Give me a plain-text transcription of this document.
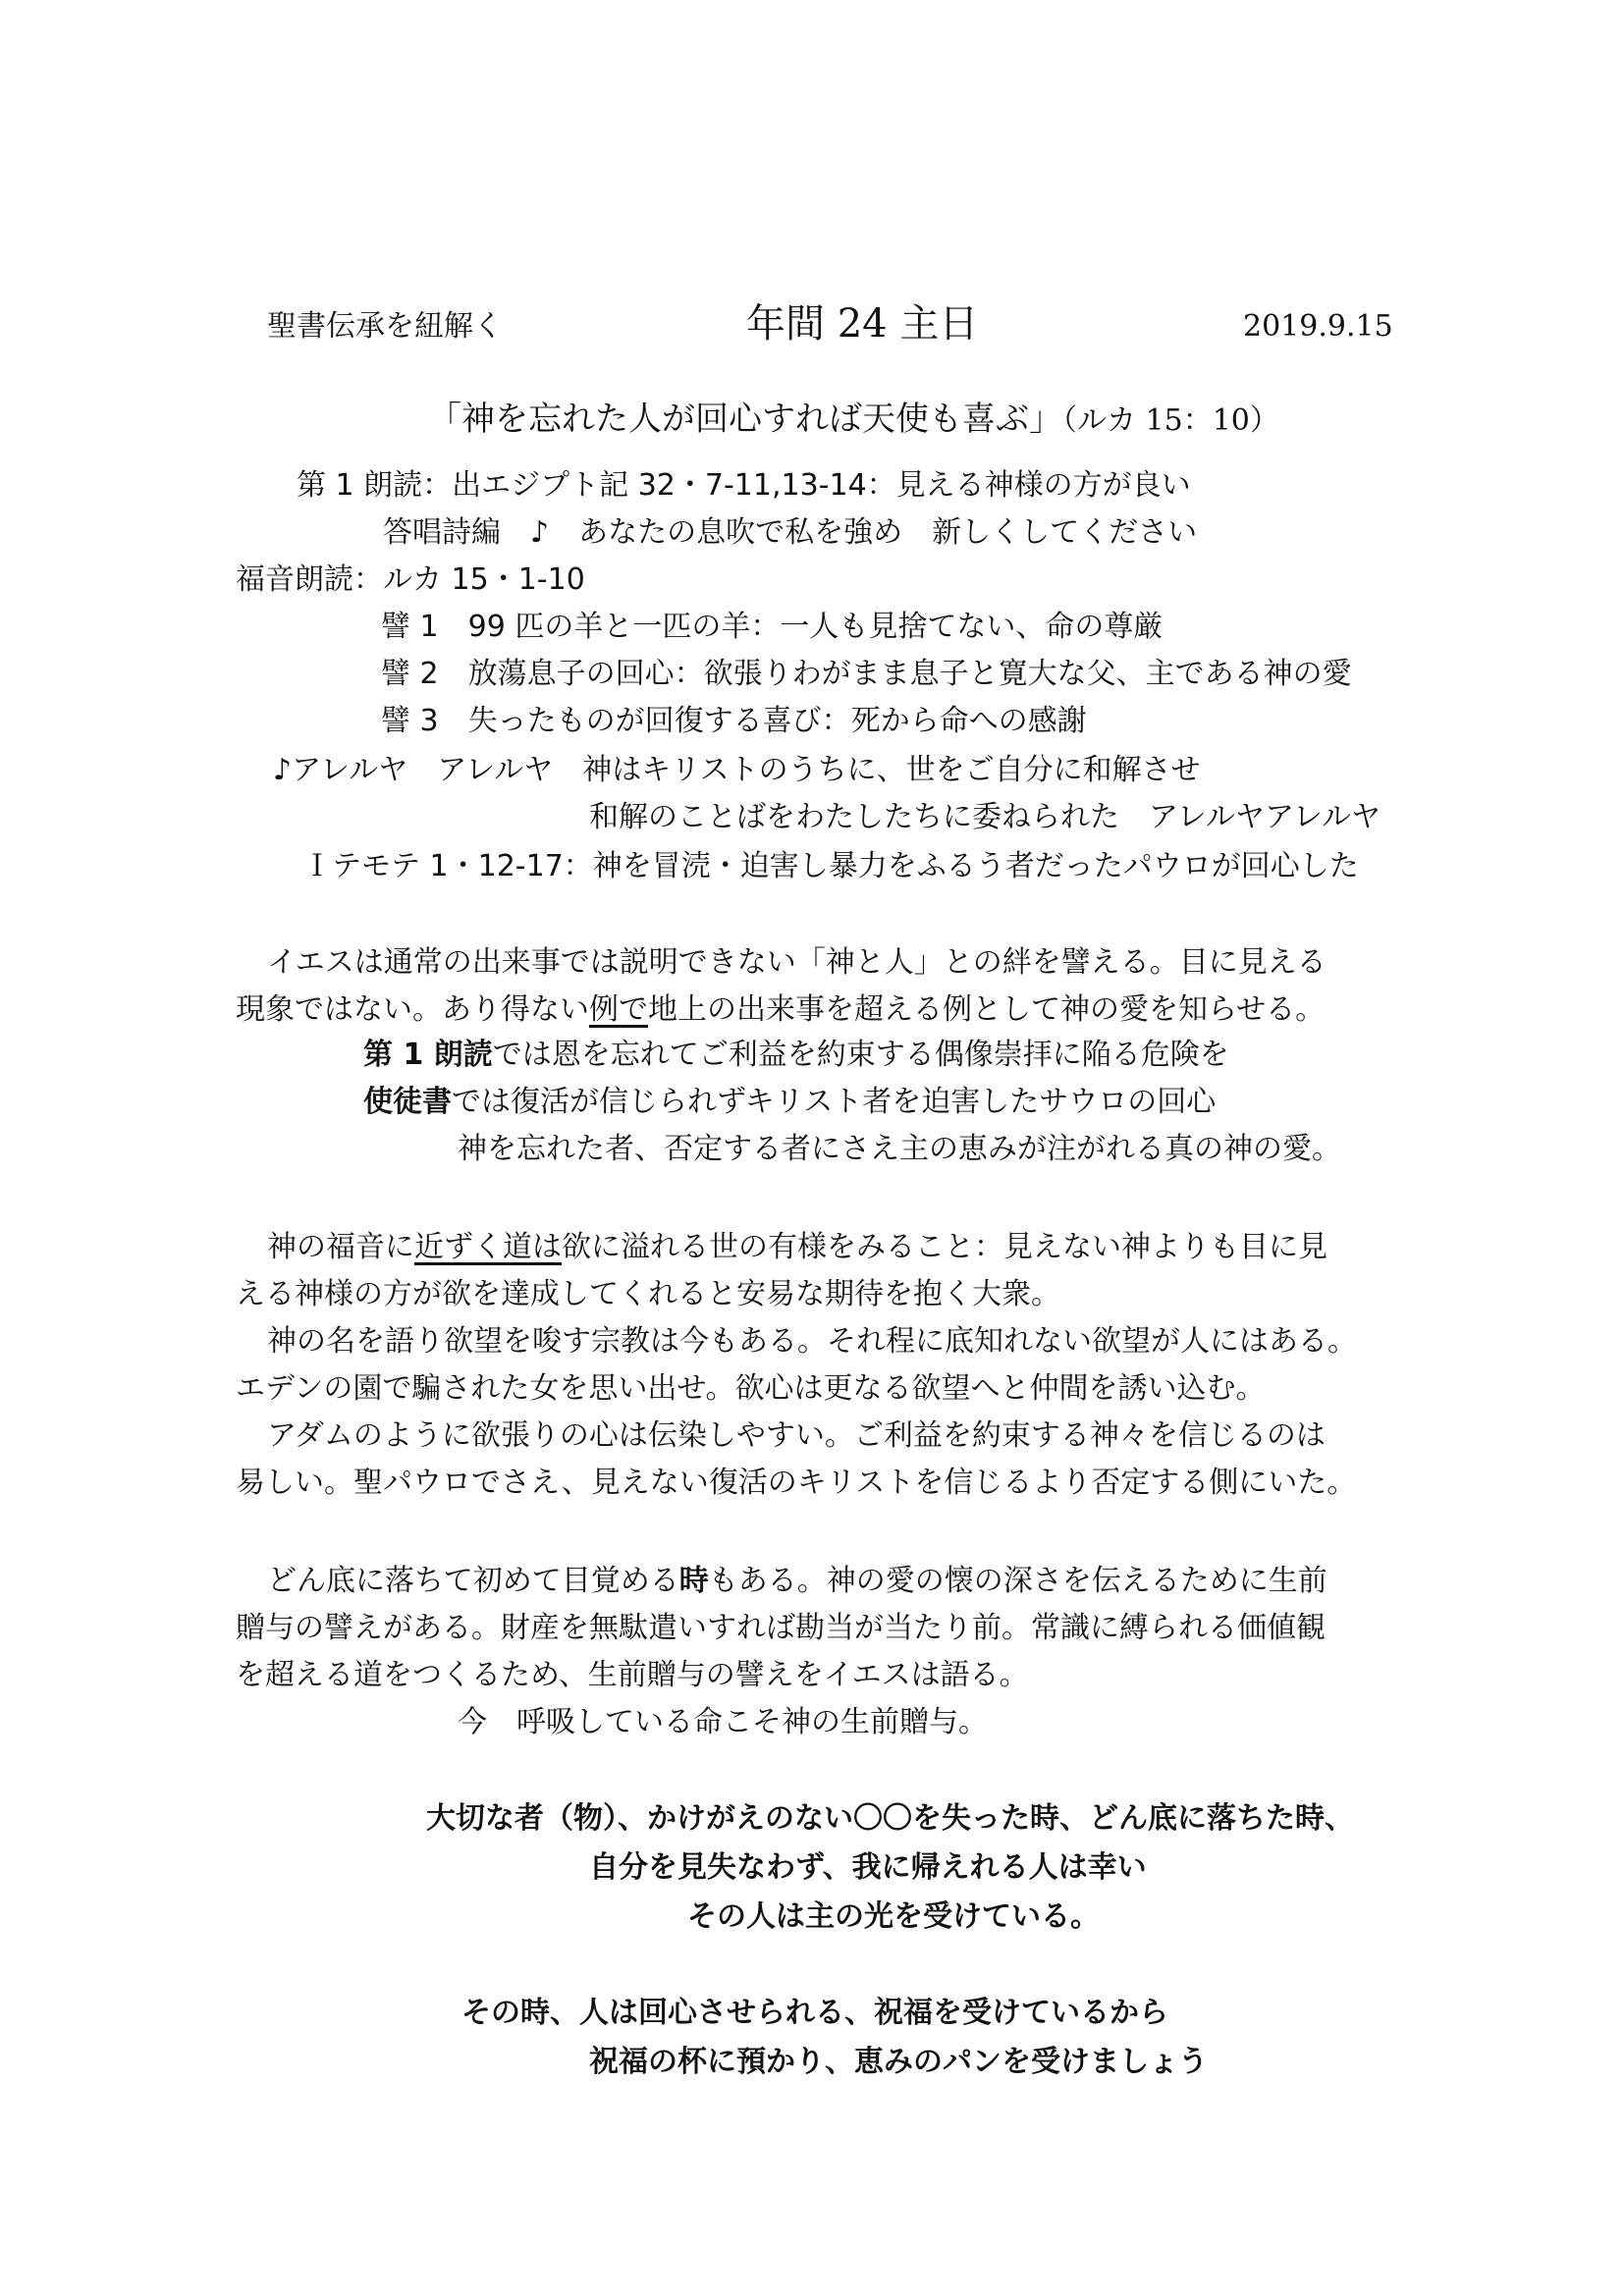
聖書伝承を紐解く	年間 24 主日	2019.9.15
「神を忘れた人が回心すれば天使も喜ぶ」（ルカ 15：10）
第 1 朗読：出エジプト記 32・7-11,13-14：見える神様の方が良い
答唱詩編　♪　あなたの息吹で私を強め　新しくしてください
福音朗読：ルカ 15・1-10
譬 1　99 匹の羊と一匹の羊：一人も見捨てない、命の尊厳
譬 2　放蕩息子の回心：欲張りわがまま息子と寛大な父、主である神の愛
譬 3　失ったものが回復する喜び：死から命への感謝
♪アレルヤ　アレルヤ　神はキリストのうちに、世をご自分に和解させ
和解のことばをわたしたちに委ねられた　アレルヤアレルヤ
Ｉテモテ 1・12-17：神を冒涜・迫害し暴力をふるう者だったパウロが回心した
イエスは通常の出来事では説明できない「神と人」との絆を譬える。目に見える
現象ではない。あり得ない例で地上の出来事を超える例として神の愛を知らせる。
第 1 朗読では恩を忘れてご利益を約束する偶像崇拝に陥る危険を
使徒書では復活が信じられずキリスト者を迫害したサウロの回心
神を忘れた者、否定する者にさえ主の恵みが注がれる真の神の愛。
神の福音に近ずく道は欲に溢れる世の有様をみること：見えない神よりも目に見
える神様の方が欲を達成してくれると安易な期待を抱く大衆。
神の名を語り欲望を唆す宗教は今もある。それ程に底知れない欲望が人にはある。
エデンの園で騙された女を思い出せ。欲心は更なる欲望へと仲間を誘い込む。
アダムのように欲張りの心は伝染しやすい。ご利益を約束する神々を信じるのは
易しい。聖パウロでさえ、見えない復活のキリストを信じるより否定する側にいた。
どん底に落ちて初めて目覚める時もある。神の愛の懐の深さを伝えるために生前
贈与の譬えがある。財産を無駄遣いすれば勘当が当たり前。常識に縛られる価値観
を超える道をつくるため、生前贈与の譬えをイエスは語る。
今　呼吸している命こそ神の生前贈与。
大切な者（物）、かけがえのない〇〇を失った時、どん底に落ちた時、
自分を見失なわず、我に帰えれる人は幸い
その人は主の光を受けている。
その時、人は回心させられる、祝福を受けているから
祝福の杯に預かり、恵みのパンを受けましょう
